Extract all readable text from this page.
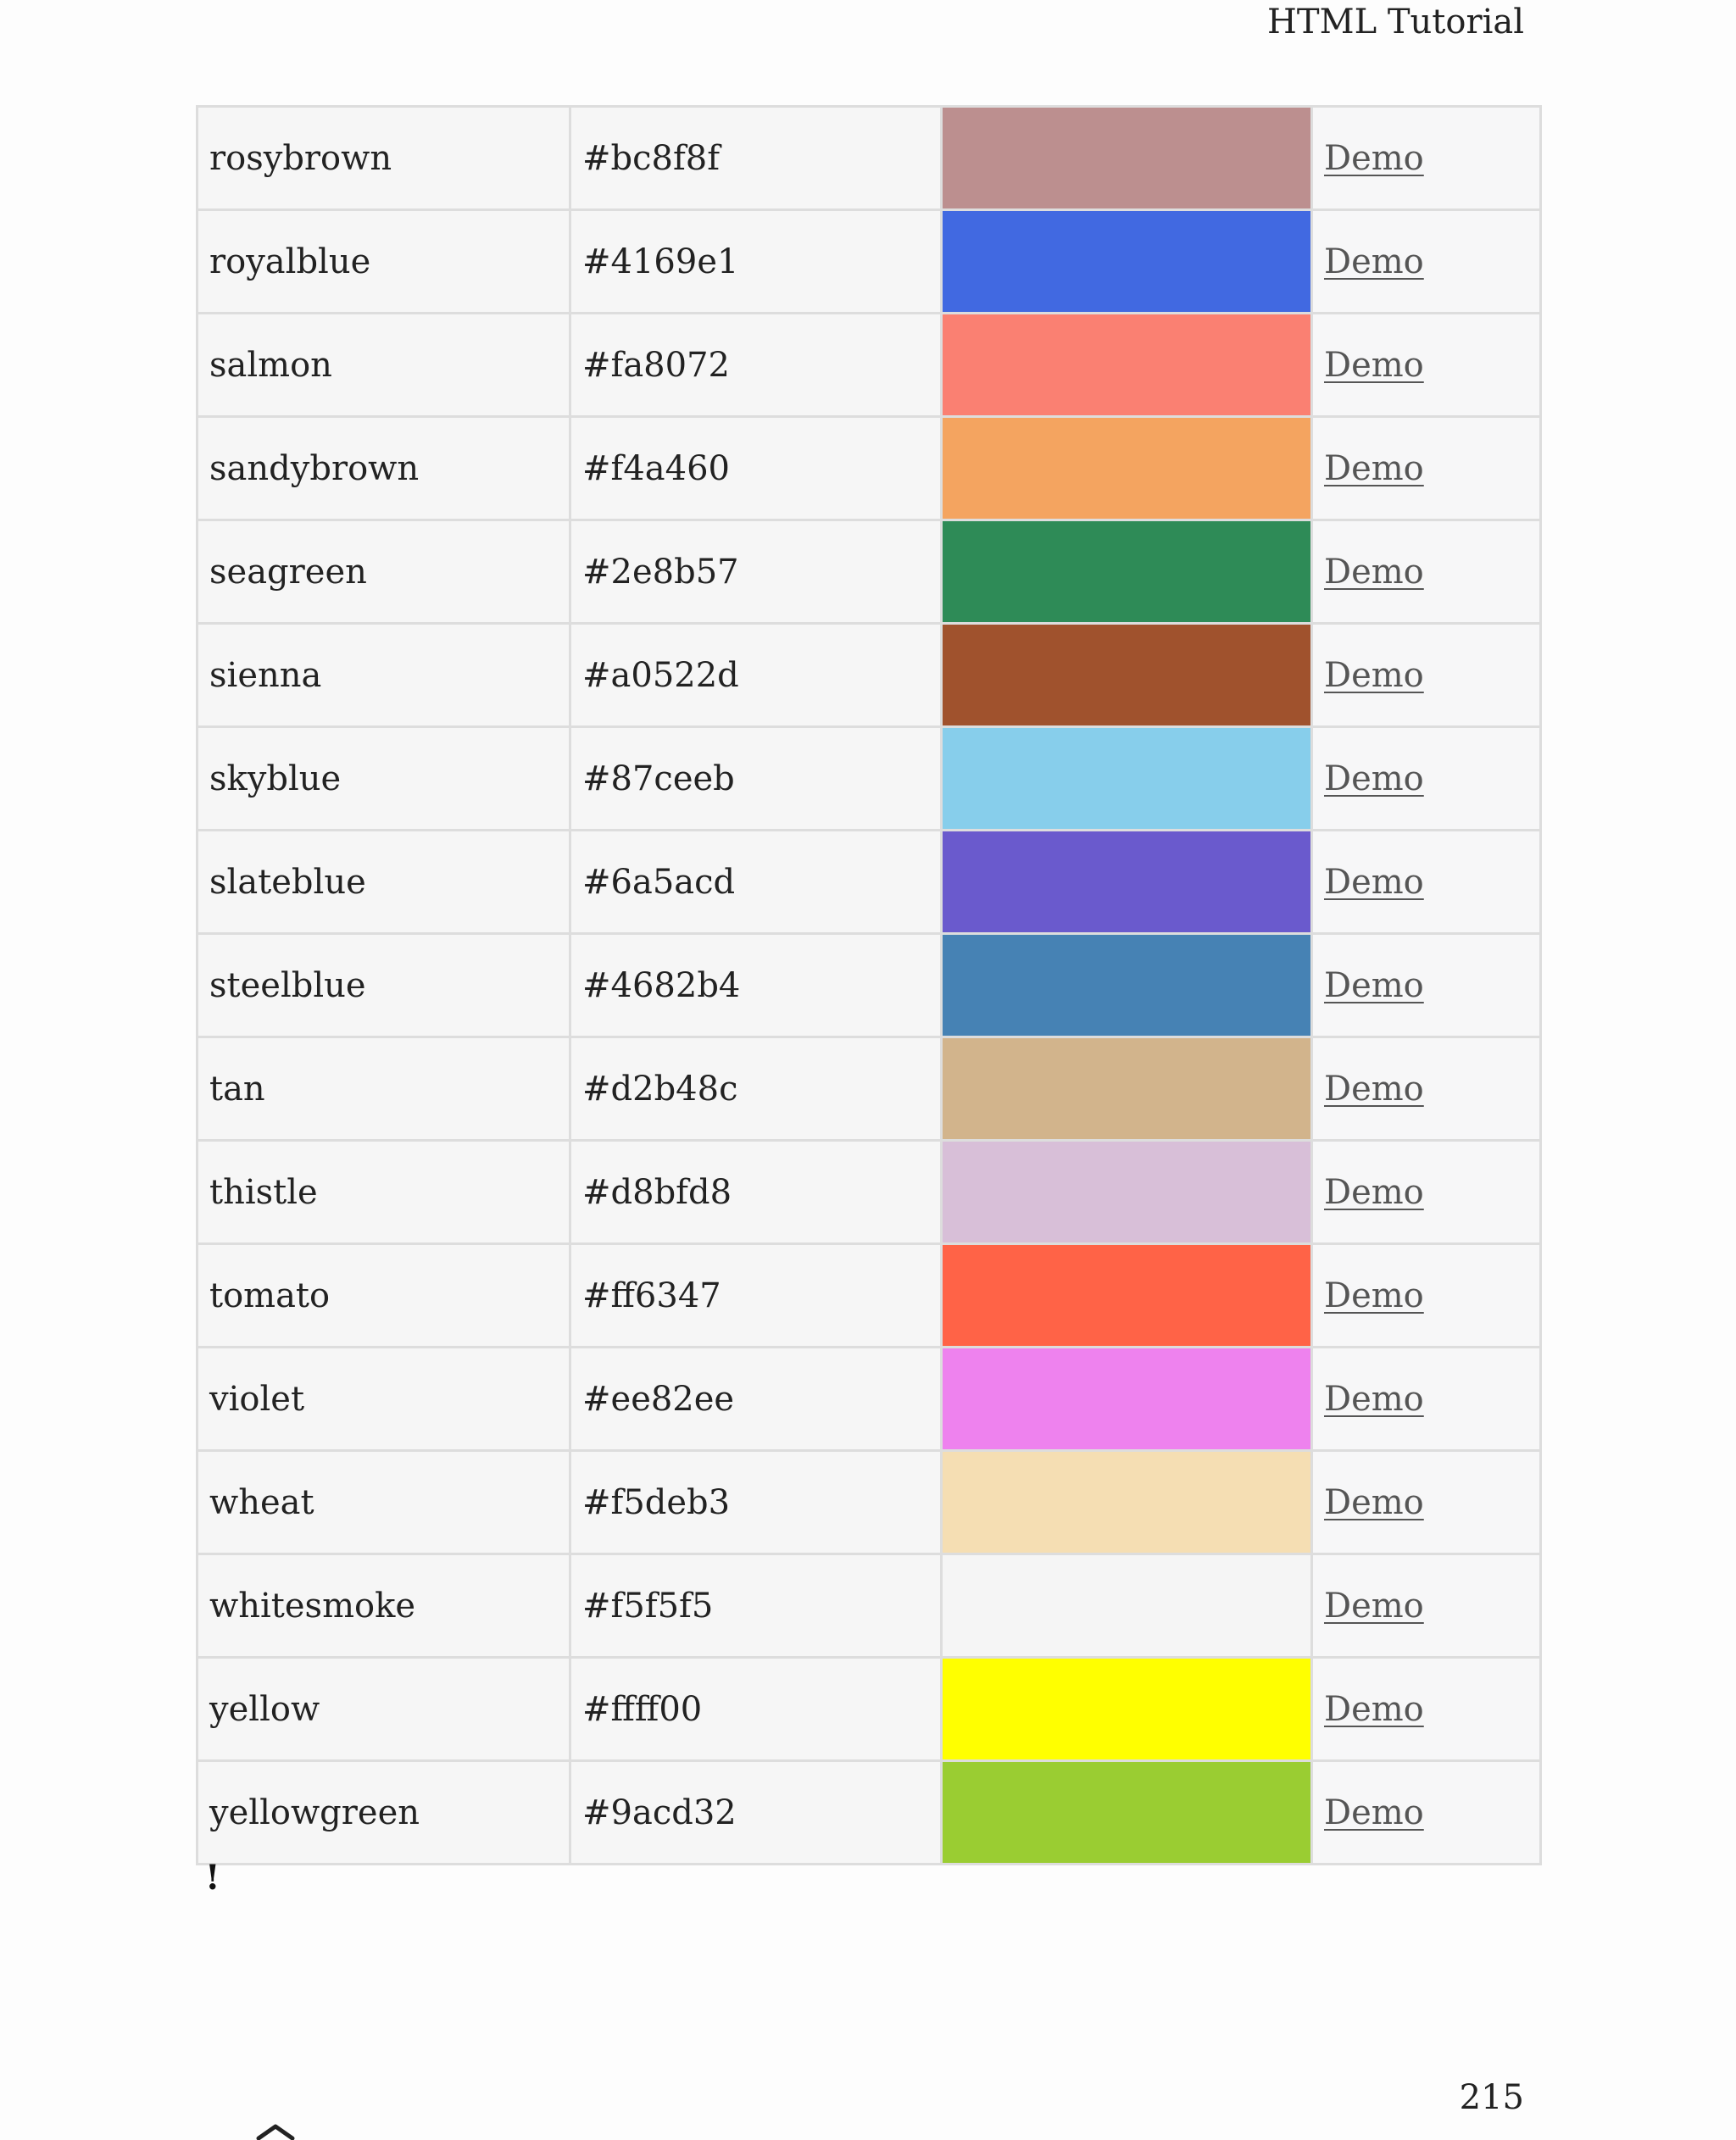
HTML Tutorial
rosybrown	#bc8f8f		Demo
royalblue	#4169e1		Demo
salmon	#fa8072		Demo
sandybrown	#f4a460		Demo
seagreen	#2e8b57		Demo
sienna	#a0522d		Demo
skyblue	#87ceeb		Demo
slateblue	#6a5acd		Demo
steelblue	#4682b4		Demo
tan	#d2b48c		Demo
thistle	#d8bfd8		Demo
tomato	#ff6347		Demo
violet	#ee82ee		Demo
wheat	#f5deb3		Demo
whitesmoke	#f5f5f5		Demo
yellow	#ffff00		Demo
yellowgreen	#9acd32		Demo
!
215
